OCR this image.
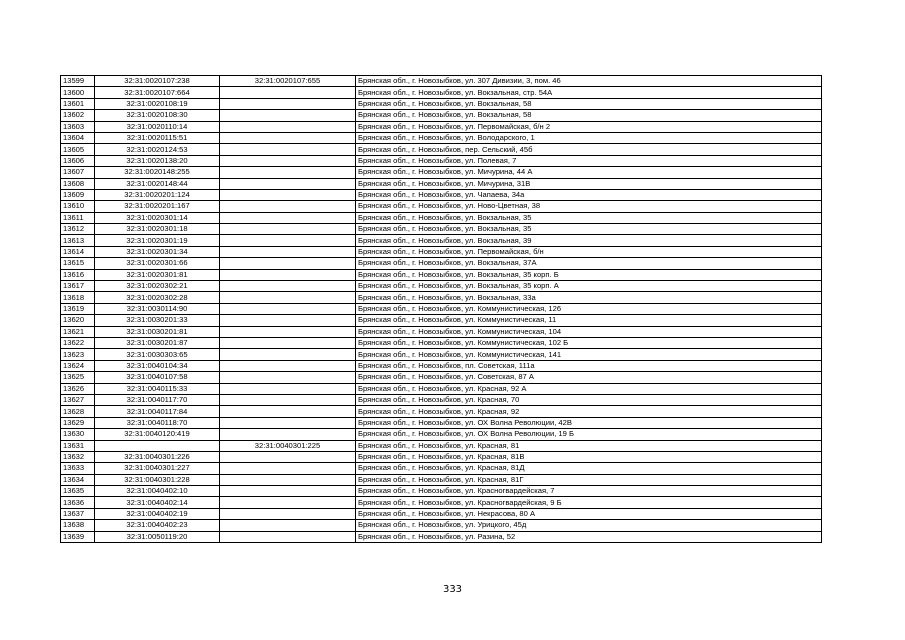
13599	32:31:0020107:238	32:31:0020107:655	Брянская обл., г. Новозыбков, ул. 307 Дивизии, 3, пом. 46
13600	32:31:0020107:664		Брянская обл., г. Новозыбков, ул. Вокзальная, стр. 54А
13601	32:31:0020108:19		Брянская обл., г. Новозыбков, ул. Вокзальная, 58
13602	32:31:0020108:30		Брянская обл., г. Новозыбков, ул. Вокзальная, 58
13603	32:31:0020110:14		Брянская обл., г. Новозыбков, ул. Первомайская, б/н 2
13604	32:31:0020115:51		Брянская обл., г. Новозыбков, ул. Володарского, 1
13605	32:31:0020124:53		Брянская обл., г. Новозыбков, пер. Сельский, 45б
13606	32:31:0020138:20		Брянская обл., г. Новозыбков, ул. Полевая, 7
13607	32:31:0020148:255		Брянская обл., г. Новозыбков, ул. Мичурина, 44 А
13608	32:31:0020148:44		Брянская обл., г. Новозыбков, ул. Мичурина, 31В
13609	32:31:0020201:124		Брянская обл., г. Новозыбков, ул. Чапаева, 34а
13610	32:31:0020201:167		Брянская обл., г. Новозыбков, ул. Ново-Цветная, 38
13611	32:31:0020301:14		Брянская обл., г. Новозыбков, ул. Вокзальная, 35
13612	32:31:0020301:18		Брянская обл., г. Новозыбков, ул. Вокзальная, 35
13613	32:31:0020301:19		Брянская обл., г. Новозыбков, ул. Вокзальная, 39
13614	32:31:0020301:34		Брянская обл., г. Новозыбков, ул. Первомайская, б/н
13615	32:31:0020301:66		Брянская обл., г. Новозыбков, ул. Вокзальная, 37А
13616	32:31:0020301:81		Брянская обл., г. Новозыбков, ул. Вокзальная, 35 корп. Б
13617	32:31:0020302:21		Брянская обл., г. Новозыбков, ул. Вокзальная, 35 корп. А
13618	32:31:0020302:28		Брянская обл., г. Новозыбков, ул. Вокзальная, 33а
13619	32:31:0030114:90		Брянская обл., г. Новозыбков, ул. Коммунистическая, 126
13620	32:31:0030201:33		Брянская обл., г. Новозыбков, ул. Коммунистическая, 11
13621	32:31:0030201:81		Брянская обл., г. Новозыбков, ул. Коммунистическая, 104
13622	32:31:0030201:87		Брянская обл., г. Новозыбков, ул. Коммунистическая, 102 Б
13623	32:31:0030303:65		Брянская обл., г. Новозыбков, ул. Коммунистическая, 141
13624	32:31:0040104:34		Брянская обл., г. Новозыбков, пл. Советская, 111а
13625	32:31:0040107:58		Брянская обл., г. Новозыбков, ул. Советская, 87 А
13626	32:31:0040115:33		Брянская обл., г. Новозыбков, ул. Красная, 92 А
13627	32:31:0040117:70		Брянская обл., г. Новозыбков, ул. Красная, 70
13628	32:31:0040117:84		Брянская обл., г. Новозыбков, ул. Красная, 92
13629	32:31:0040118:70		Брянская обл., г. Новозыбков, ул. ОХ Волна Революции, 42В
13630	32:31:0040120:419		Брянская обл., г. Новозыбков, ул. ОХ Волна Революции, 19 Б
13631		32:31:0040301:225	Брянская обл., г. Новозыбков, ул. Красная, 81
13632	32:31:0040301:226		Брянская обл., г. Новозыбков, ул. Красная, 81В
13633	32:31:0040301:227		Брянская обл., г. Новозыбков, ул. Красная, 81Д
13634	32:31:0040301:228		Брянская обл., г. Новозыбков, ул. Красная, 81Г
13635	32:31:0040402:10		Брянская обл., г. Новозыбков, ул. Красногвардейская, 7
13636	32:31:0040402:14		Брянская обл., г. Новозыбков, ул. Красногвардейская, 9 Б
13637	32:31:0040402:19		Брянская обл., г. Новозыбков, ул. Некрасова, 80 А
13638	32:31:0040402:23		Брянская обл., г. Новозыбков, ул. Урицкого, 45д
13639	32:31:0050119:20		Брянская обл., г. Новозыбков, ул. Разина, 52
333
